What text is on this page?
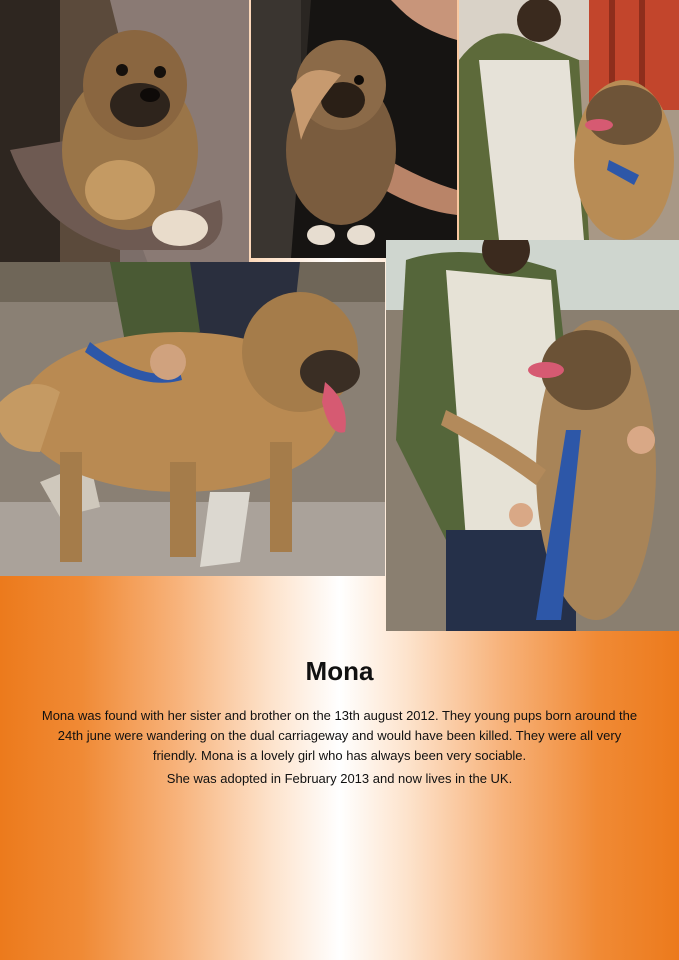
Mona
Mona was found with her sister and brother on the 13th august 2012. They young pups born around the 24th june were wandering on the dual carriageway and would have been killed. They were all very friendly. Mona is a lovely girl who has always been very sociable.
She was adopted in February 2013 and now lives in the UK.
